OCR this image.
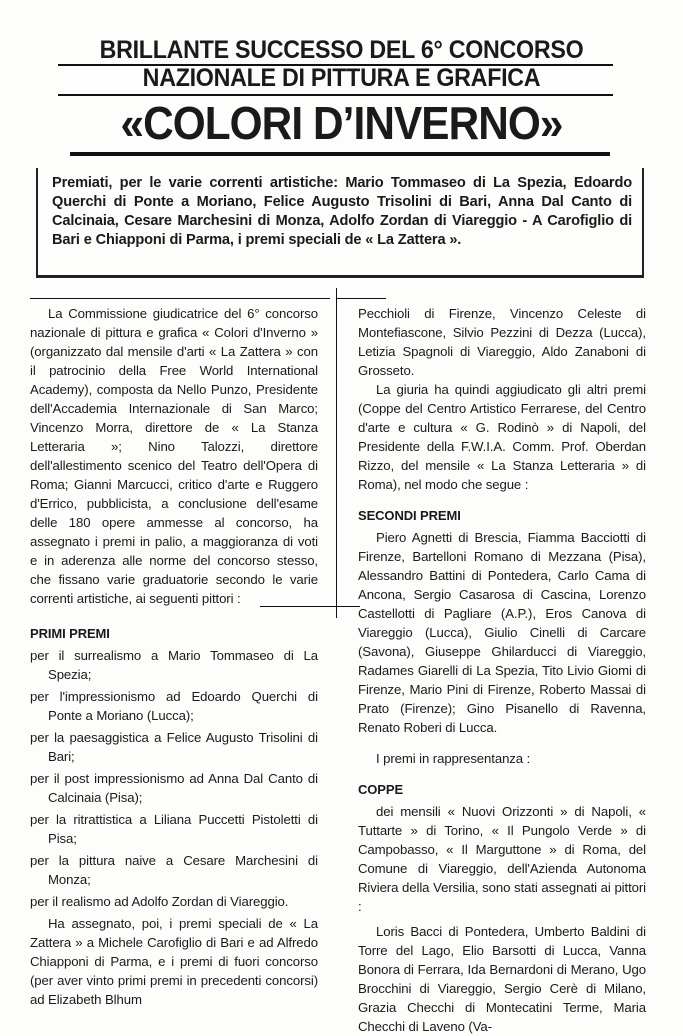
BRILLANTE SUCCESSO DEL 6° CONCORSO
NAZIONALE DI PITTURA E GRAFICA
«COLORI D’INVERNO»

Premiati, per le varie correnti artistiche: Mario Tommaseo di La Spezia, Edoardo Querchi di Ponte a Moriano, Felice Augusto Trisolini di Bari, Anna Dal Canto di Calcinaia, Cesare Marchesini di Monza, Adolfo Zordan di Viareggio - A Carofiglio di Bari e Chiapponi di Parma, i premi speciali de « La Zattera ».

La Commissione giudicatrice del 6° concorso nazionale di pittura e grafica « Colori d'Inverno » (organizzato dal mensile d'arti « La Zattera » con il patrocinio della Free World International Academy), composta da Nello Punzo, Presidente dell'Accademia Internazionale di San Marco; Vincenzo Morra, direttore de « La Stanza Letteraria »; Nino Talozzi, direttore dell'allestimento scenico del Teatro dell'Opera di Roma; Gianni Marcucci, critico d'arte e Ruggero d'Errico, pubblicista, a conclusione dell'esame delle 180 opere ammesse al concorso, ha assegnato i premi in palio, a maggioranza di voti e in aderenza alle norme del concorso stesso, che fissano varie graduatorie secondo le varie correnti artistiche, ai seguenti pittori :

PRIMI PREMI

per il surrealismo a Mario Tommaseo di La Spezia;

per l'impressionismo ad Edoardo Querchi di Ponte a Moriano (Lucca);

per la paesaggistica a Felice Augusto Trisolini di Bari;

per il post impressionismo ad Anna Dal Canto di Calcinaia (Pisa);

per la ritrattistica a Liliana Puccetti Pistoletti di Pisa;

per la pittura naive a Cesare Marchesini di Monza;

per il realismo ad Adolfo Zordan di Viareggio.

Ha assegnato, poi, i premi speciali de « La Zattera » a Michele Carofiglio di Bari e ad Alfredo Chiapponi di Parma, e i premi di fuori concorso (per aver vinto primi premi in precedenti concorsi) ad Elizabeth Blhum

Pecchioli di Firenze, Vincenzo Celeste di Montefiascone, Silvio Pezzini di Dezza (Lucca), Letizia Spagnoli di Viareggio, Aldo Zanaboni di Grosseto.

La giuria ha quindi aggiudicato gli altri premi (Coppe del Centro Artistico Ferrarese, del Centro d'arte e cultura « G. Rodinò » di Napoli, del Presidente della F.W.I.A. Comm. Prof. Oberdan Rizzo, del mensile « La Stanza Letteraria » di Roma), nel modo che segue :

SECONDI PREMI

Piero Agnetti di Brescia, Fiamma Bacciotti di Firenze, Bartelloni Romano di Mezzana (Pisa), Alessandro Battini di Pontedera, Carlo Cama di Ancona, Sergio Casarosa di Cascina, Lorenzo Castellotti di Pagliare (A.P.), Eros Canova di Viareggio (Lucca), Giulio Cinelli di Carcare (Savona), Giuseppe Ghilarducci di Viareggio, Radames Giarelli di La Spezia, Tito Livio Giomi di Firenze, Mario Pini di Firenze, Roberto Massai di Prato (Firenze); Gino Pisanello di Ravenna, Renato Roberi di Lucca.

I premi in rappresentanza :

COPPE

dei mensili « Nuovi Orizzonti » di Napoli, « Tuttarte » di Torino, « Il Pungolo Verde » di Campobasso, « Il Marguttone » di Roma, del Comune di Viareggio, dell'Azienda Autonoma Riviera della Versilia, sono stati assegnati ai pittori :

Loris Bacci di Pontedera, Umberto Baldini di Torre del Lago, Elio Barsotti di Lucca, Vanna Bonora di Ferrara, Ida Bernardoni di Merano, Ugo Brocchini di Viareggio, Sergio Cerè di Milano, Grazia Checchi di Montecatini Terme, Maria Checchi di Laveno (Va-
